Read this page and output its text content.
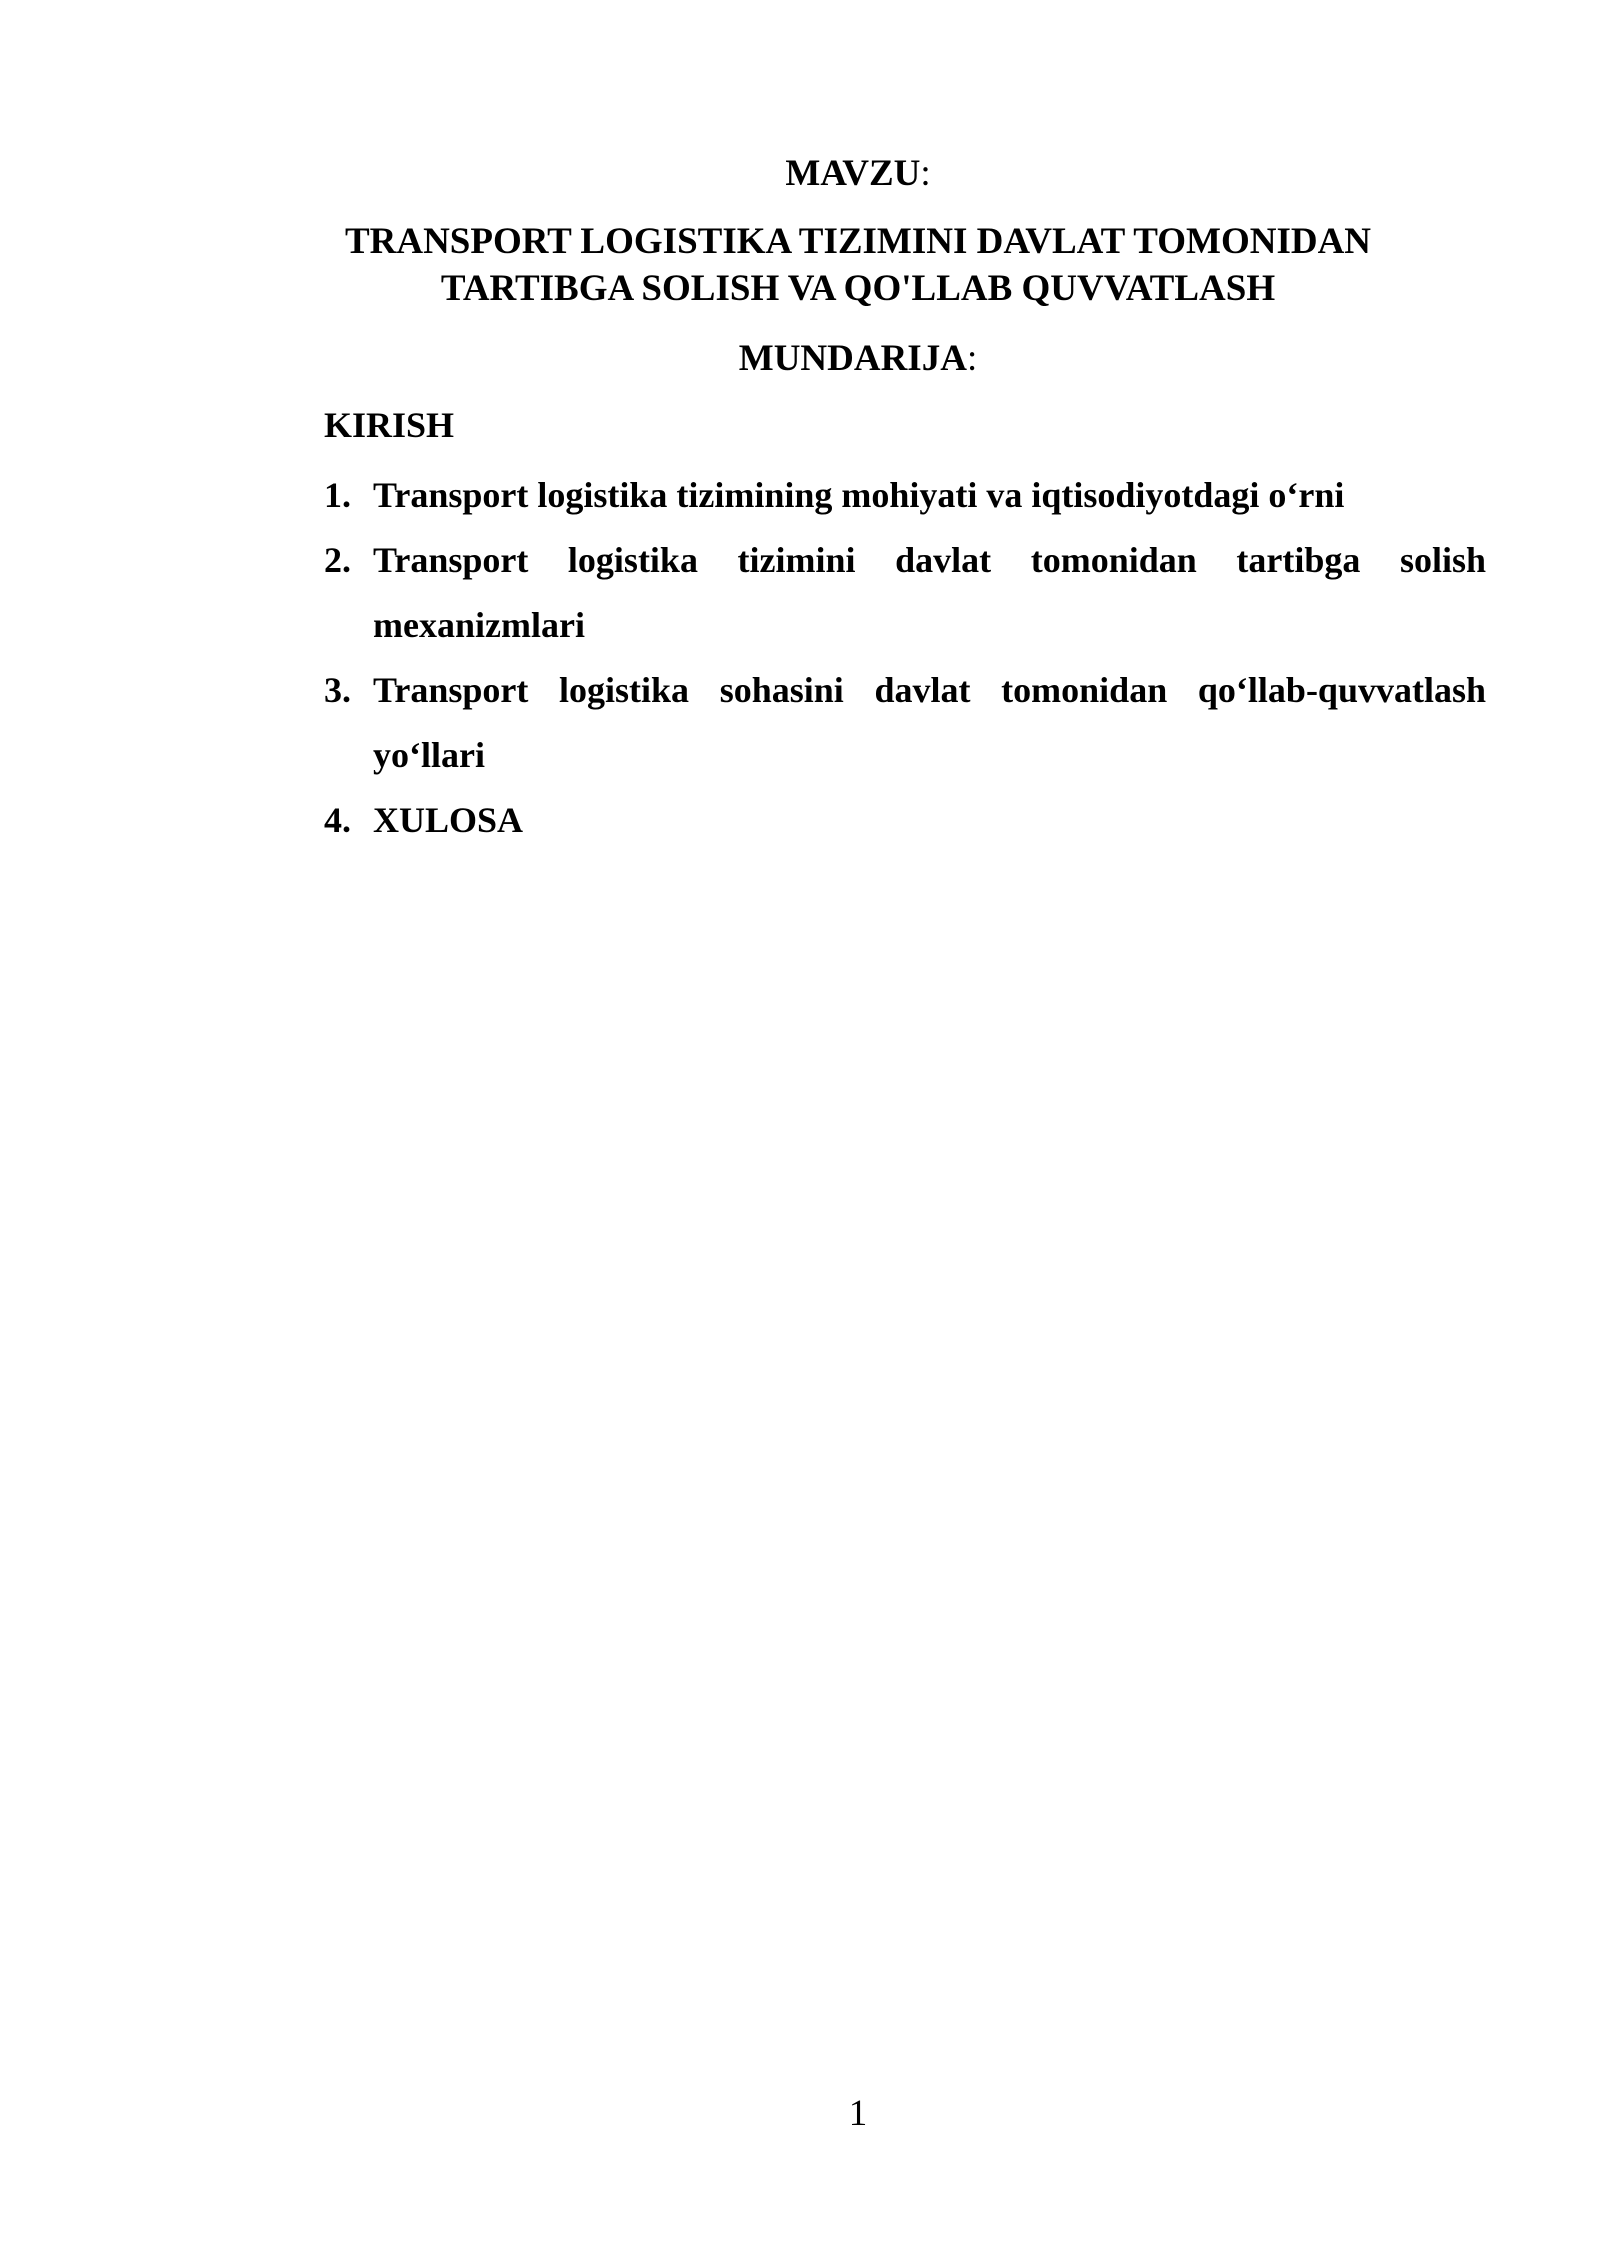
MAVZU:
TRANSPORT LOGISTIKA TIZIMINI DAVLAT TOMONIDAN
TARTIBGA SOLISH VA QO'LLAB QUVVATLASH
MUNDARIJA:
KIRISH
1. Transport logistika tizimining mohiyati va iqtisodiyotdagi o‘rni
2. Transport logistika tizimini davlat tomonidan tartibga solish mexanizmlari
3. Transport logistika sohasini davlat tomonidan qo‘llab-quvvatlash yo‘llari
4. XULOSA
1
